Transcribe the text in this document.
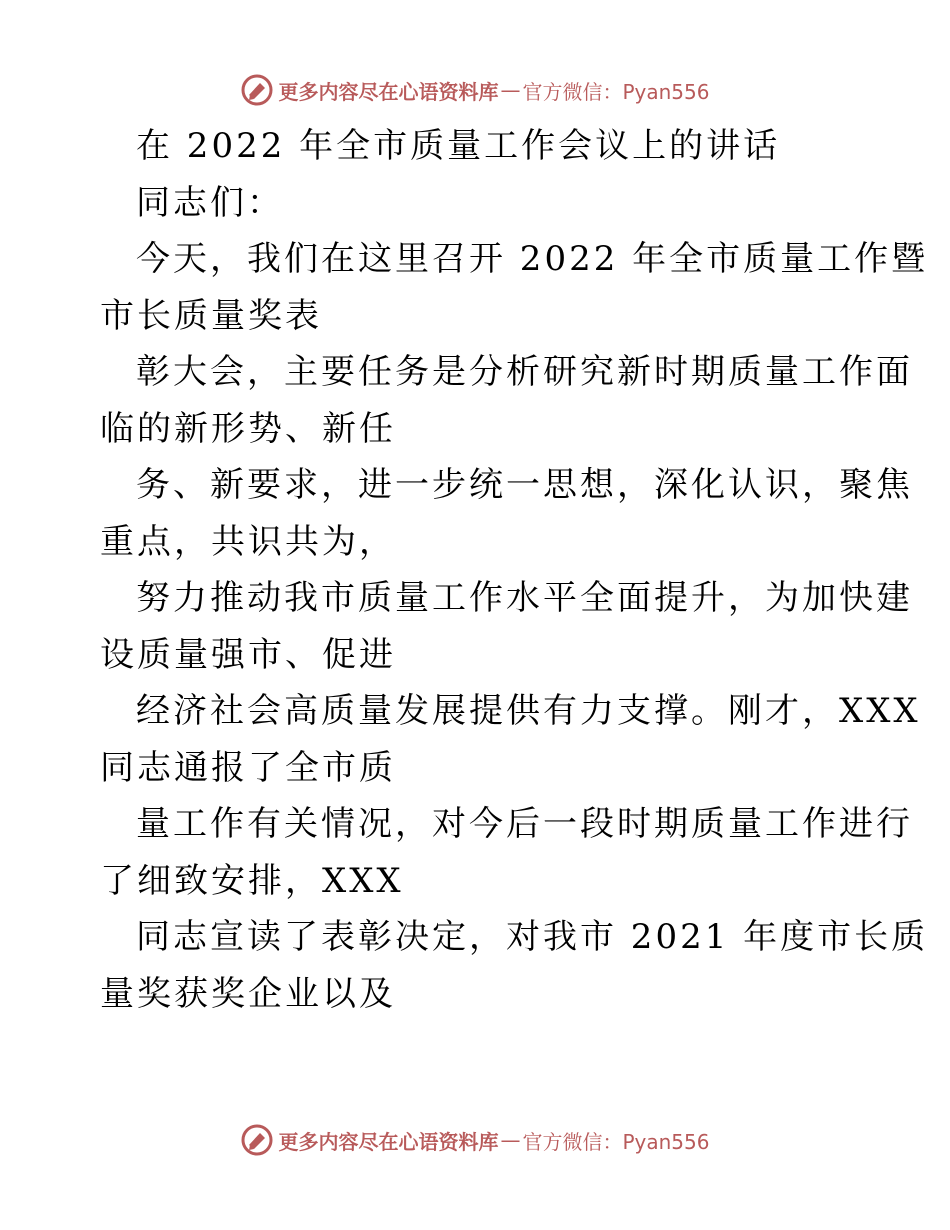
更多内容尽在心语资料库 — 官方微信：Pyan556
在 2022 年全市质量工作会议上的讲话
同志们：
今天，我们在这里召开 2022 年全市质量工作暨
市长质量奖表
彰大会，主要任务是分析研究新时期质量工作面
临的新形势、新任
务、新要求，进一步统一思想，深化认识，聚焦
重点，共识共为，
努力推动我市质量工作水平全面提升，为加快建
设质量强市、促进
经济社会高质量发展提供有力支撑。刚才，XXX
同志通报了全市质
量工作有关情况，对今后一段时期质量工作进行
了细致安排，XXX
同志宣读了表彰决定，对我市 2021 年度市长质
量奖获奖企业以及
更多内容尽在心语资料库 — 官方微信：Pyan556
